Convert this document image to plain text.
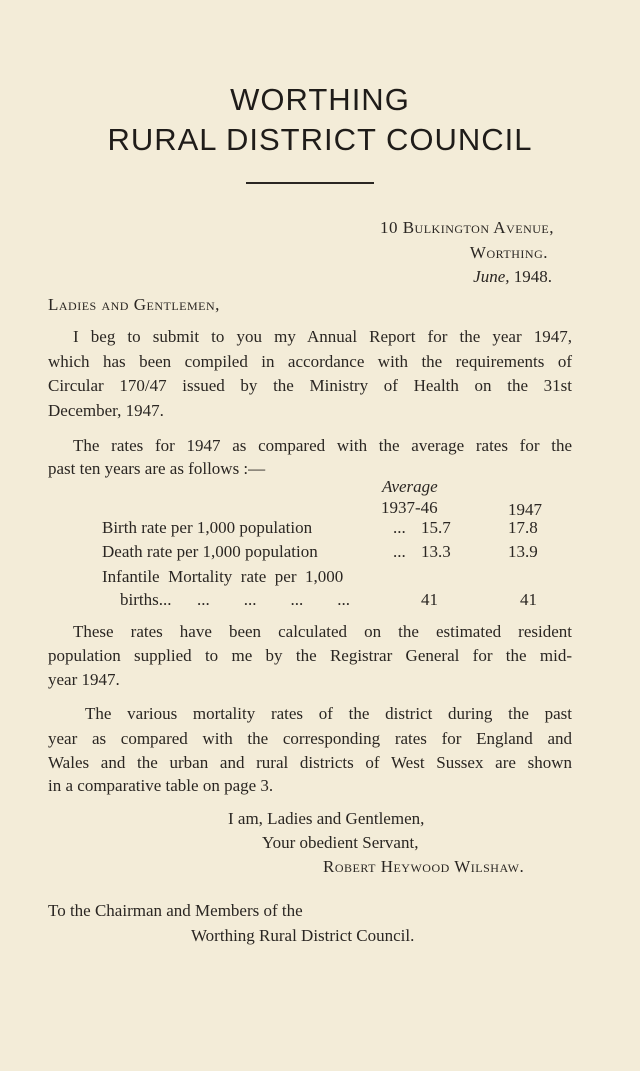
WORTHING
RURAL DISTRICT COUNCIL
10 Bulkington Avenue,
Worthing.
June, 1948.
Ladies and Gentlemen,
I beg to submit to you my Annual Report for the year 1947,
which has been compiled in accordance with the requirements of
Circular 170/47 issued by the Ministry of Health on the 31st
December, 1947.
The rates for 1947 as compared with the average rates for the
past ten years are as follows :—
Average
1937-46	1947
Birth rate per 1,000 population	... 15.7	17.8
Death rate per 1,000 population	... 13.3	13.9
Infantile  Mortality  rate  per  1,000
births... ...        ...        ...        ...	41	41
These rates have been calculated on the estimated resident
population supplied to me by the Registrar General for the mid-
year 1947.
The various mortality rates of the district during the past
year as compared with the corresponding rates for England and
Wales and the urban and rural districts of West Sussex are shown
in a comparative table on page 3.
I am, Ladies and Gentlemen,
Your obedient Servant,
Robert Heywood Wilshaw.
To the Chairman and Members of the
Worthing Rural District Council.
